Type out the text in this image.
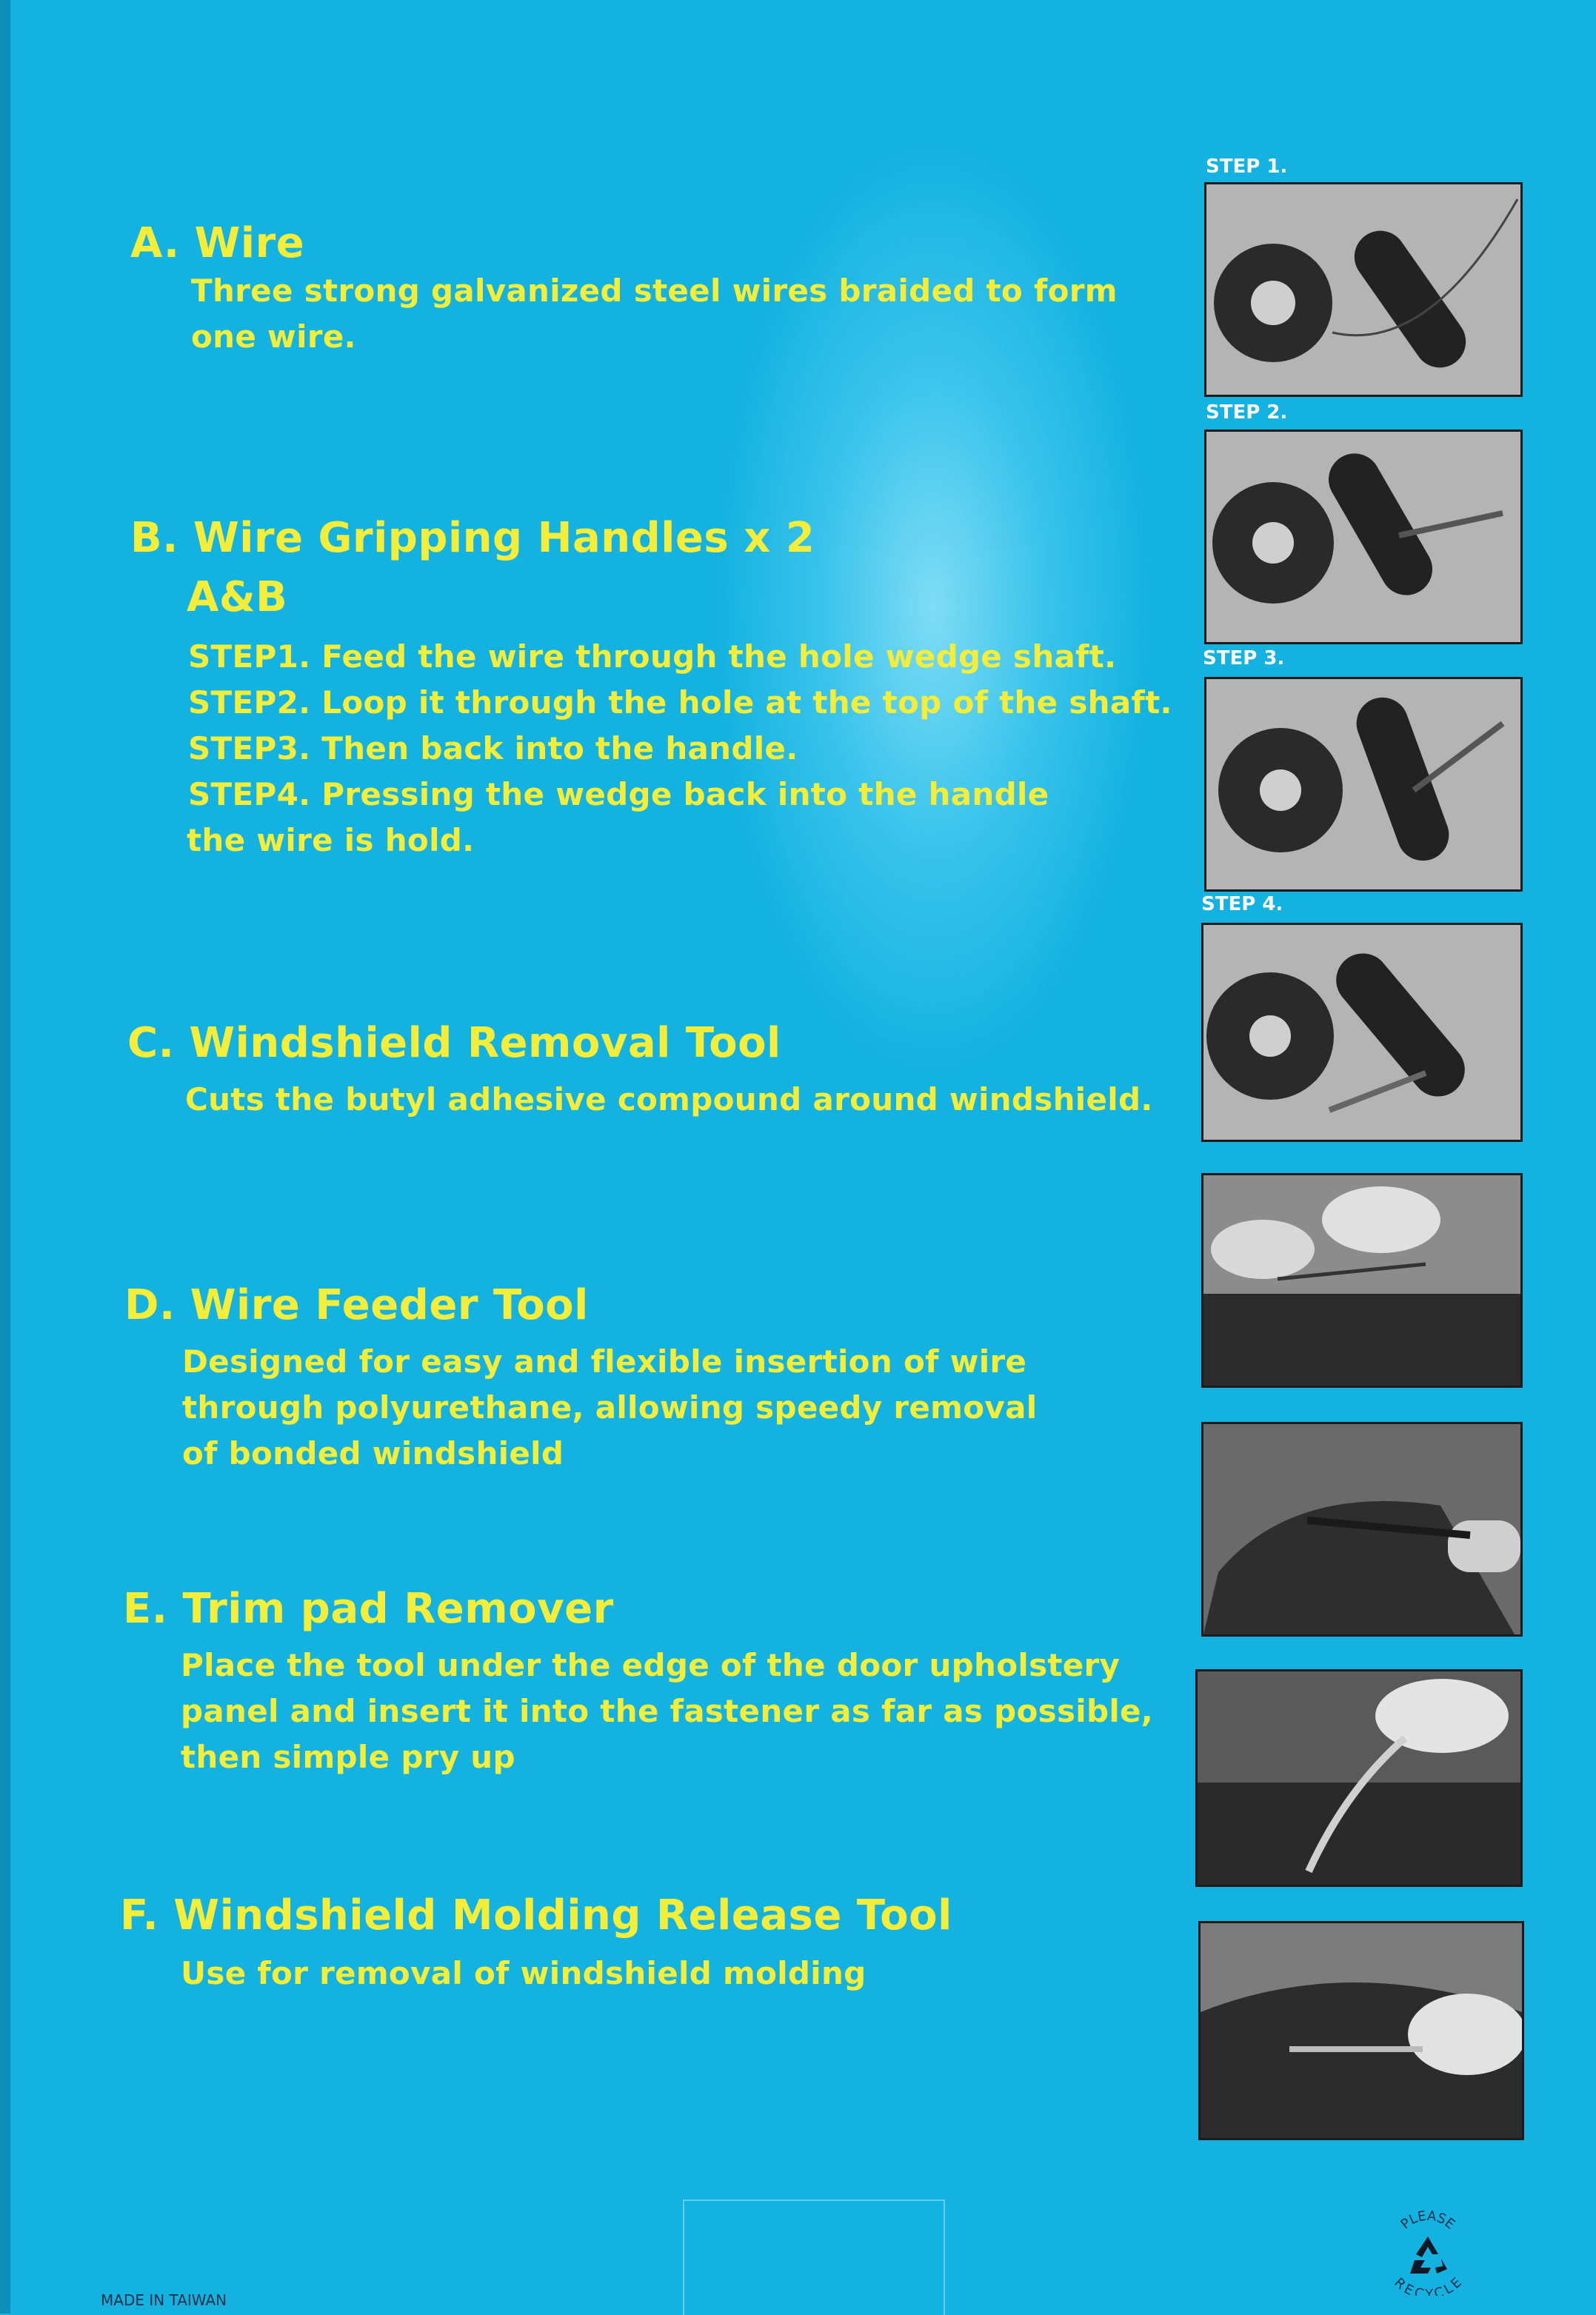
A. Wire
Three strong galvanized steel wires braided to form
one wire.
B. Wire Gripping Handles x 2
A&B
STEP1. Feed the wire through the hole wedge shaft.
STEP2. Loop it through the hole at the top of the shaft.
STEP3. Then back into the handle.
STEP4. Pressing the wedge back into the handle
the wire is hold.
C. Windshield Removal Tool
Cuts the butyl adhesive compound around windshield.
D. Wire Feeder Tool
Designed for easy and flexible insertion of wire
through polyurethane, allowing speedy removal
of bonded windshield
E. Trim pad Remover
Place the tool under the edge of the door upholstery
panel and insert it into the fastener as far as possible,
then simple pry up
F. Windshield Molding Release Tool
Use for removal of windshield molding
STEP 1.
STEP 2.
STEP 3.
STEP 4.
MADE IN TAIWAN
PLEASE
RECYCLE
